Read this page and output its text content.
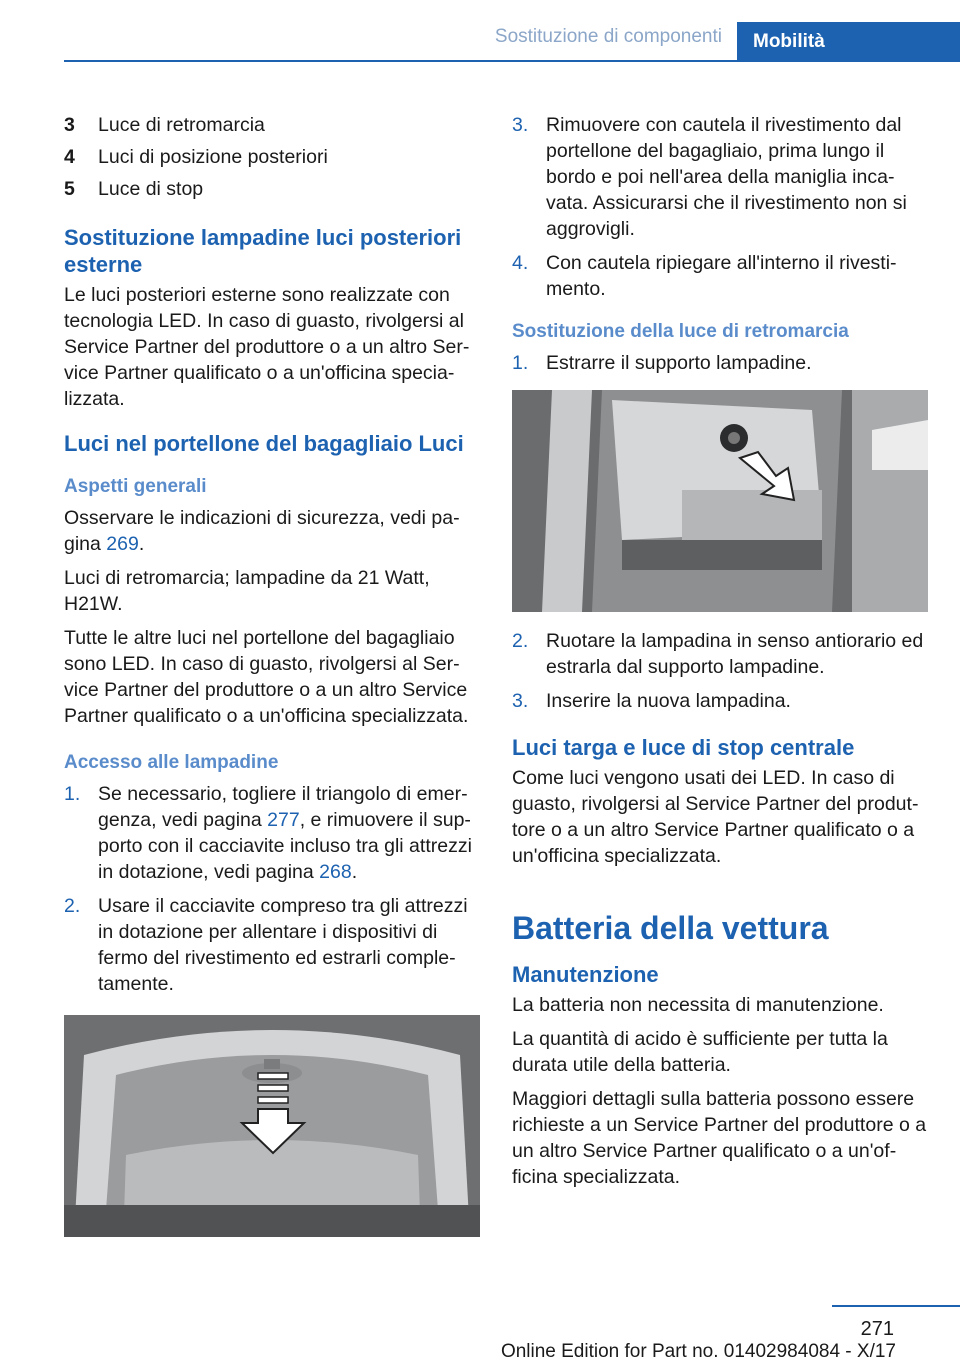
Sostituzione di componenti	Mobilità
3	Luce di retromarcia
4	Luci di posizione posteriori
5	Luce di stop
Sostituzione lampadine luci posteriori esterne

Le luci posteriori esterne sono realizzate con tecnologia LED. In caso di guasto, rivolgersi al Service Partner del produttore o a un altro Ser‐vice Partner qualificato o a un'officina specia‐lizzata.

Luci nel portellone del bagagliaio Luci
Aspetti generali

Osservare le indicazioni di sicurezza, vedi pa‐gina 269.

Luci di retromarcia; lampadine da 21 Watt, H21W.

Tutte le altre luci nel portellone del bagagliaio sono LED. In caso di guasto, rivolgersi al Ser‐vice Partner del produttore o a un altro Service Partner qualificato o a un'officina specializzata.

Accesso alle lampadine
1. Se necessario, togliere il triangolo di emer‐genza, vedi pagina 277, e rimuovere il sup‐porto con il cacciavite incluso tra gli attrezzi in dotazione, vedi pagina 268.
2. Usare il cacciavite compreso tra gli attrezzi in dotazione per allentare i dispositivi di fermo del rivestimento ed estrarli comple‐tamente.
3. Rimuovere con cautela il rivestimento dal portellone del bagagliaio, prima lungo il bordo e poi nell'area della maniglia inca‐vata. Assicurarsi che il rivestimento non si aggrovigli.
4. Con cautela ripiegare all'interno il rivesti‐mento.
Sostituzione della luce di retromarcia
1. Estrarre il supporto lampadine.
2. Ruotare la lampadina in senso antiorario ed estrarla dal supporto lampadine.
3. Inserire la nuova lampadina.
Luci targa e luce di stop centrale

Come luci vengono usati dei LED. In caso di guasto, rivolgersi al Service Partner del produt‐tore o a un altro Service Partner qualificato o a un'officina specializzata.

Batteria della vettura
Manutenzione

La batteria non necessita di manutenzione.

La quantità di acido è sufficiente per tutta la durata utile della batteria.

Maggiori dettagli sulla batteria possono essere richieste a un Service Partner del produttore o a un altro Service Partner qualificato o a un'of‐ficina specializzata.

271
Online Edition for Part no. 01402984084 - X/17
